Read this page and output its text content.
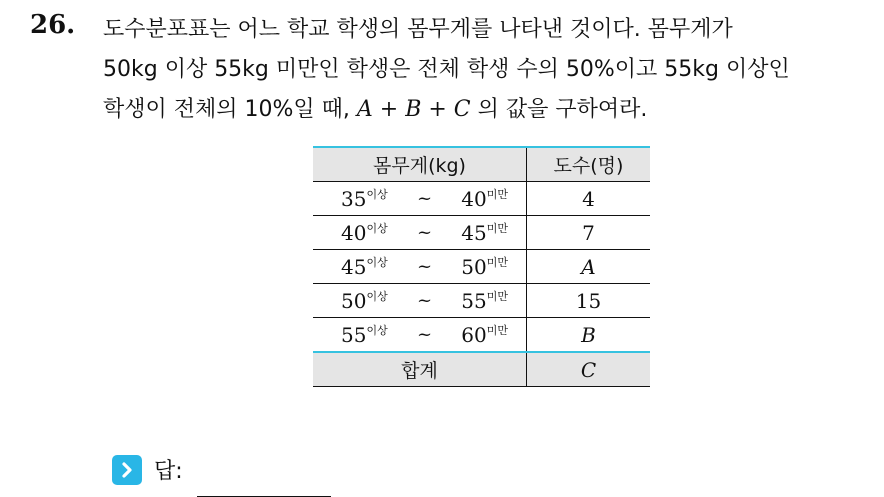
26. 도수분포표는 어느 학교 학생의 몸무게를 나타낸 것이다. 몸무게가
50kg 이상 55kg 미만인 학생은 전체 학생 수의 50%이고 55kg 이상인
학생이 전체의 10%일 때, A + B + C 의 값을 구하여라.
몸무게(kg)	도수(명)

$35^{이상}$ ~ $40^{미만}$	4

$40^{이상}$ ~ $45^{미만}$	7

$45^{이상}$ ~ $50^{미만}$	A

$50^{이상}$ ~ $55^{미만}$	15

$55^{이상}$ ~ $60^{미만}$	B
합계	C
답:
